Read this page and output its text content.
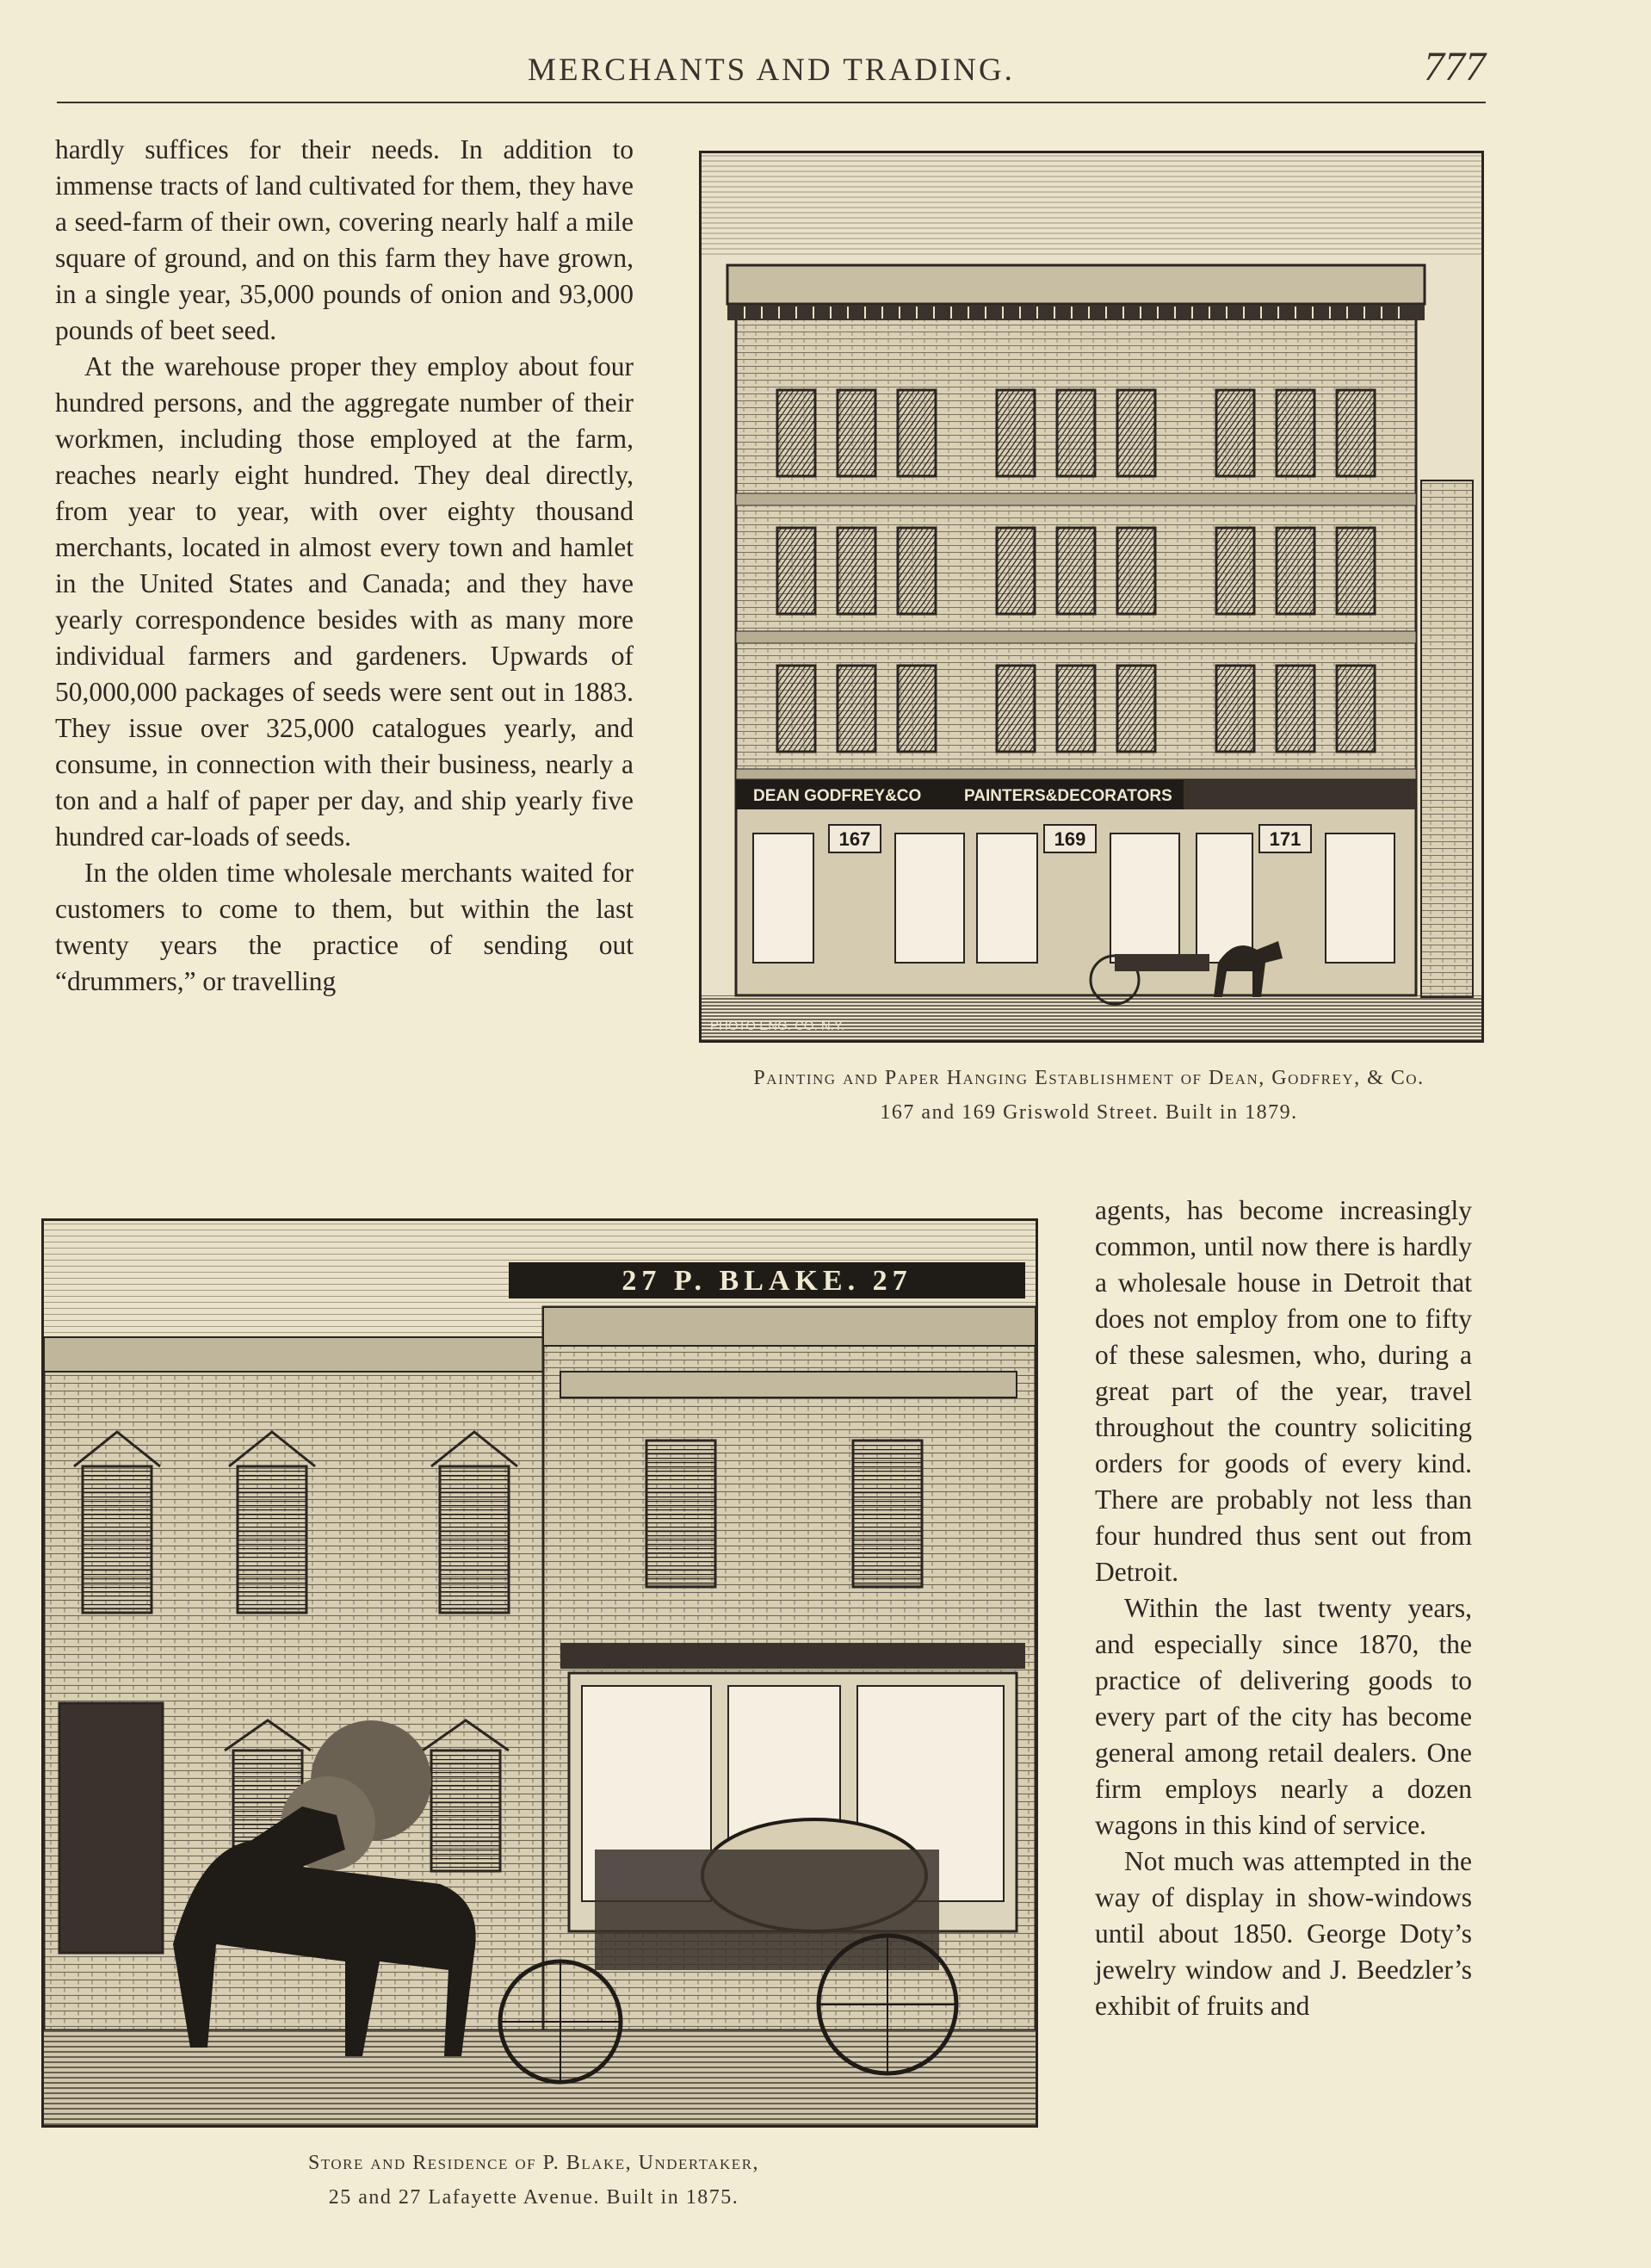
MERCHANTS AND TRADING.	777

hardly suffices for their needs. In addition to immense tracts of land cultivated for them, they have a seed-farm of their own, covering nearly half a mile square of ground, and on this farm they have grown, in a single year, 35,000 pounds of onion and 93,000 pounds of beet seed.

At the warehouse proper they employ about four hundred persons, and the aggregate number of their workmen, including those employed at the farm, reaches nearly eight hundred. They deal directly, from year to year, with over eighty thousand merchants, located in almost every town and hamlet in the United States and Canada; and they have yearly correspondence besides with as many more individual farmers and gardeners. Upwards of 50,000,000 packages of seeds were sent out in 1883. They issue over 325,000 catalogues yearly, and consume, in connection with their business, nearly a ton and a half of paper per day, and ship yearly five hundred car-loads of seeds.

In the olden time wholesale merchants waited for customers to come to them, but within the last twenty years the practice of sending out “drummers,” or travelling

DEAN GODFREY&CO	PAINTERS&DECORATORS
167	169	171
PHOTO ENG. CO. N.Y.
Painting and Paper Hanging Establishment of Dean, Godfrey, & Co.
167 and 169 Griswold Street. Built in 1879.
27 P. BLAKE. 27
Store and Residence of P. Blake, Undertaker,
25 and 27 Lafayette Avenue. Built in 1875.

agents, has become increasingly common, until now there is hardly a wholesale house in Detroit that does not employ from one to fifty of these salesmen, who, during a great part of the year, travel throughout the country soliciting orders for goods of every kind. There are probably not less than four hundred thus sent out from Detroit.

Within the last twenty years, and especially since 1870, the practice of delivering goods to every part of the city has become general among retail dealers. One firm employs nearly a dozen wagons in this kind of service.

Not much was attempted in the way of display in show-windows until about 1850. George Doty’s jewelry window and J. Beedzler’s exhibit of fruits and
